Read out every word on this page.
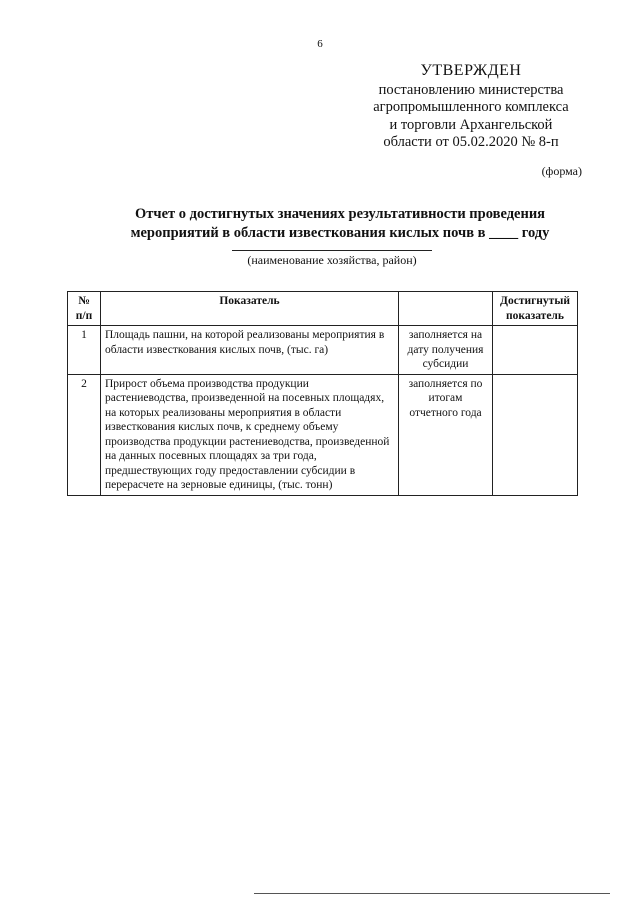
6
УТВЕРЖДЕН
постановлению министерства
агропромышленного комплекса
и торговли Архангельской
области от 05.02.2020 № 8-п
(форма)
Отчет о достигнутых значениях результативности проведения
мероприятий в области известкования кислых почв в ____ году
(наименование хозяйства, район)
№ п/п	Показатель		Достигнутый показатель
1	Площадь пашни, на которой реализованы мероприятия в области известкования кислых почв, (тыс. га)	заполняется на дату получения субсидии	
2	Прирост объема производства продукции растениеводства, произведенной на посевных площадях, на которых реализованы мероприятия в области известкования кислых почв, к среднему объему производства продукции растениеводства, произведенной на данных посевных площадях за три года, предшествующих году предоставлении субсидии в перерасчете на зерновые единицы, (тыс. тонн)	заполняется по итогам отчетного года	
